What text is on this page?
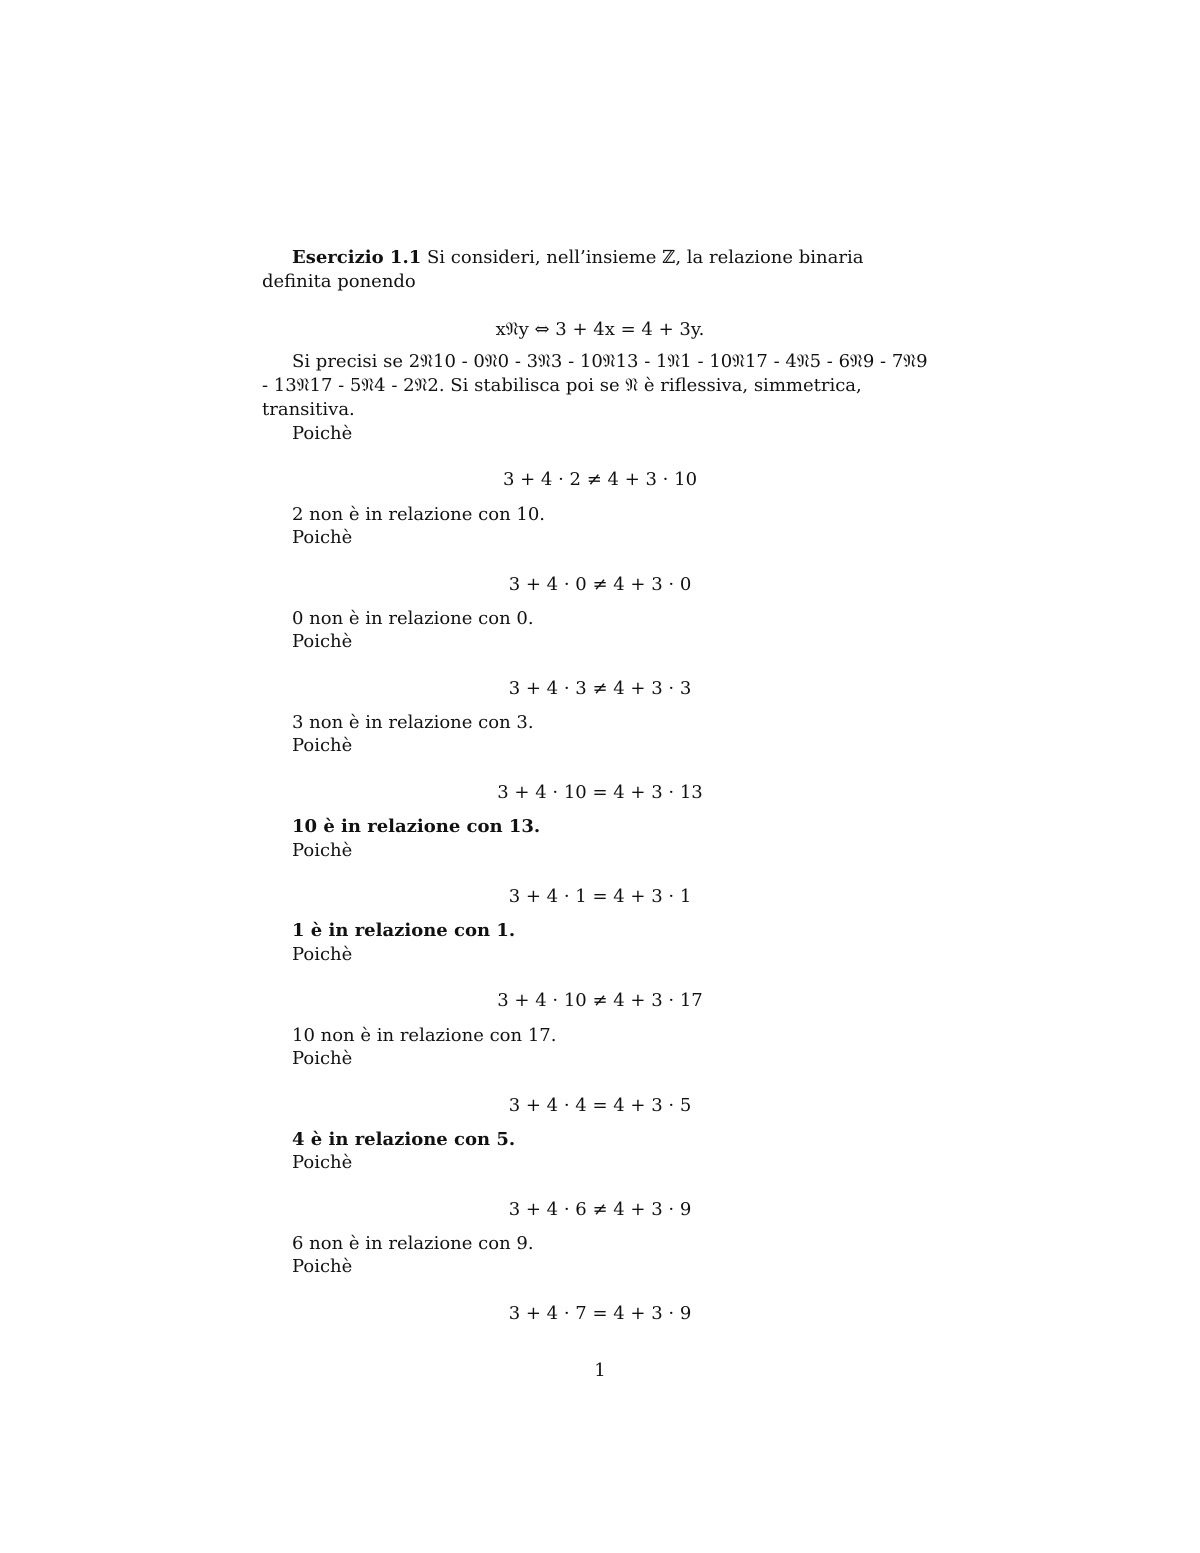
Esercizio 1.1 Si consideri, nell’insieme ℤ, la relazione binaria definita ponendo
x𝔑y ⇔ 3 + 4x = 4 + 3y.
Si precisi se 2𝔑10 - 0𝔑0 - 3𝔑3 - 10𝔑13 - 1𝔑1 - 10𝔑17 - 4𝔑5 - 6𝔑9 - 7𝔑9 - 13𝔑17 - 5𝔑4 - 2𝔑2. Si stabilisca poi se 𝔑 è riflessiva, simmetrica, transitiva.
Poichè
3 + 4 · 2 ≠ 4 + 3 · 10
2 non è in relazione con 10.
Poichè
3 + 4 · 0 ≠ 4 + 3 · 0
0 non è in relazione con 0.
Poichè
3 + 4 · 3 ≠ 4 + 3 · 3
3 non è in relazione con 3.
Poichè
3 + 4 · 10 = 4 + 3 · 13
10 è in relazione con 13.
Poichè
3 + 4 · 1 = 4 + 3 · 1
1 è in relazione con 1.
Poichè
3 + 4 · 10 ≠ 4 + 3 · 17
10 non è in relazione con 17.
Poichè
3 + 4 · 4 = 4 + 3 · 5
4 è in relazione con 5.
Poichè
3 + 4 · 6 ≠ 4 + 3 · 9
6 non è in relazione con 9.
Poichè
3 + 4 · 7 = 4 + 3 · 9
1
